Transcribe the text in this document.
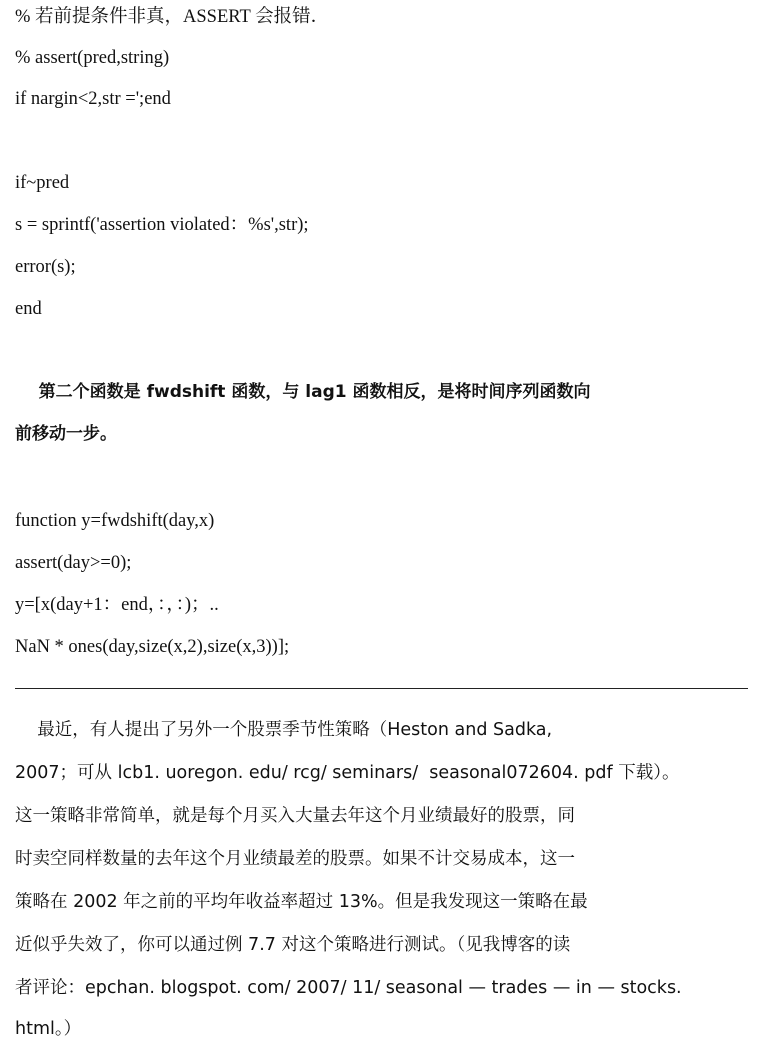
% 若前提条件非真，ASSERT 会报错．
% assert(pred,string)
if nargin<2,str =';end
if~pred
s = sprintf('assertion violated：%s',str);
error(s);
end
第二个函数是 fwdshift 函数，与 lag1 函数相反，是将时间序列函数向
前移动一步。
function y=fwdshift(day,x)
assert(day>=0);
y=[x(day+1：end，：，：)；..
NaN * ones(day,size(x,2),size(x,3))];
最近，有人提出了另外一个股票季节性策略（Heston and Sadka,
2007；可从 lcb1. uoregon. edu/ rcg/ seminars/  seasonal072604. pdf 下载）。
这一策略非常简单，就是每个月买入大量去年这个月业绩最好的股票，同
时卖空同样数量的去年这个月业绩最差的股票。如果不计交易成本，这一
策略在 2002 年之前的平均年收益率超过 13%。但是我发现这一策略在最
近似乎失效了，你可以通过例 7.7 对这个策略进行测试。（见我博客的读
者评论：epchan. blogspot. com/ 2007/ 11/ seasonal — trades — in — stocks.
html。）
